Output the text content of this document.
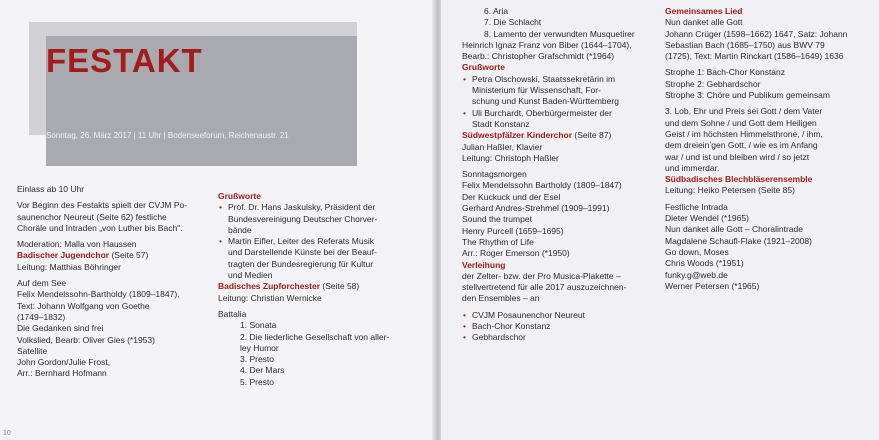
FESTAKT
Sonntag, 26. März 2017 | 11 Uhr | Bodenseeforum, Reichenaustr. 21
Einlass ab 10 Uhr
Vor Beginn des Festakts spielt der CVJM Po-
saunenchor Neureut (Seite 62) festliche
Choräle und Intraden „von Luther bis Bach".
Moderation: Malla von Haussen
Badischer Jugendchor (Seite 57)
Leitung: Matthias Böhringer
Auf dem See
Felix Mendelssohn-Bartholdy (1809–1847),
Text: Johann Wolfgang von Goethe
(1749–1832)
Die Gedanken sind frei
Volkslied, Bearb: Oliver Gies (*1953)
Satellite
John Gordon/Julie Frost,
Arr.: Bernhard Hofmann
Grußworte
• Prof. Dr. Hans Jaskulsky, Präsident der
Bundesvereinigung Deutscher Chorver-
bände
• Martin Eifler, Leiter des Referats Musik
und Darstellende Künste bei der Beauf-
tragten der Bundesregierung für Kultur
und Medien
Badisches Zupforchester (Seite 58)
Leitung: Christian Wernicke
Battalia
1. Sonata
2. Die liederliche Gesellschaft von aller-
ley Humor
3. Presto
4. Der Mars
5. Presto
10
6. Aria
7. Die Schlacht
8. Lamento der verwundten Musquetirer
Heinrich Ignaz Franz von Biber (1644–1704),
Bearb.: Christopher Grafschmidt (*1964)
Grußworte
• Petra Olschowski, Staatssekretärin im
Ministerium für Wissenschaft, For-
schung und Kunst Baden-Württemberg
• Uli Burchardt, Oberbürgermeister der
Stadt Konstanz
Südwestpfälzer Kinderchor (Seite 87)
Julian Haßler, Klavier
Leitung: Christoph Haßler
Sonntagsmorgen
Felix Mendelssohn Bartholdy (1809–1847)
Der Kuckuck und der Esel
Gerhard Andres-Strehmel (1909–1991)
Sound the trumpet
Henry Purcell (1659–1695)
The Rhythm of Life
Arr.: Roger Emerson (*1950)
Verleihung
der Zelter- bzw. der Pro Musica-Plakette –
stellvertretend für alle 2017 auszuzeichnen-
den Ensembles – an
• CVJM Posaunenchor Neureut
• Bach-Chor Konstanz
• Gebhardschor
Gemeinsames Lied
Nun danket alle Gott
Johann Crüger (1598–1662) 1647, Satz: Johann
Sebastian Bach (1685–1750) aus BWV 79
(1725), Text: Martin Rinckart (1586–1649) 1636
Strophe 1: Bach-Chor Konstanz
Strophe 2: Gebhardschor
Strophe 3: Chöre und Publikum gemeinsam
3. Lob, Ehr und Preis sei Gott / dem Vater
und dem Sohne / und Gott dem Heiligen
Geist / im höchsten Himmelsthrone, / ihm,
dem dreieinʼgen Gott, / wie es im Anfang
war / und ist und bleiben wird / so jetzt
und immerdar.
Südbadisches Blechbläserensemble
Leitung: Heiko Petersen (Seite 85)
Festliche Intrada
Dieter Wendel (*1965)
Nun danket alle Gott – Choralintrade
Magdalene Schaufl-Flake (1921–2008)
Go down, Moses
Chris Woods (*1951)
funky.g@web.de
Werner Petersen (*1965)
